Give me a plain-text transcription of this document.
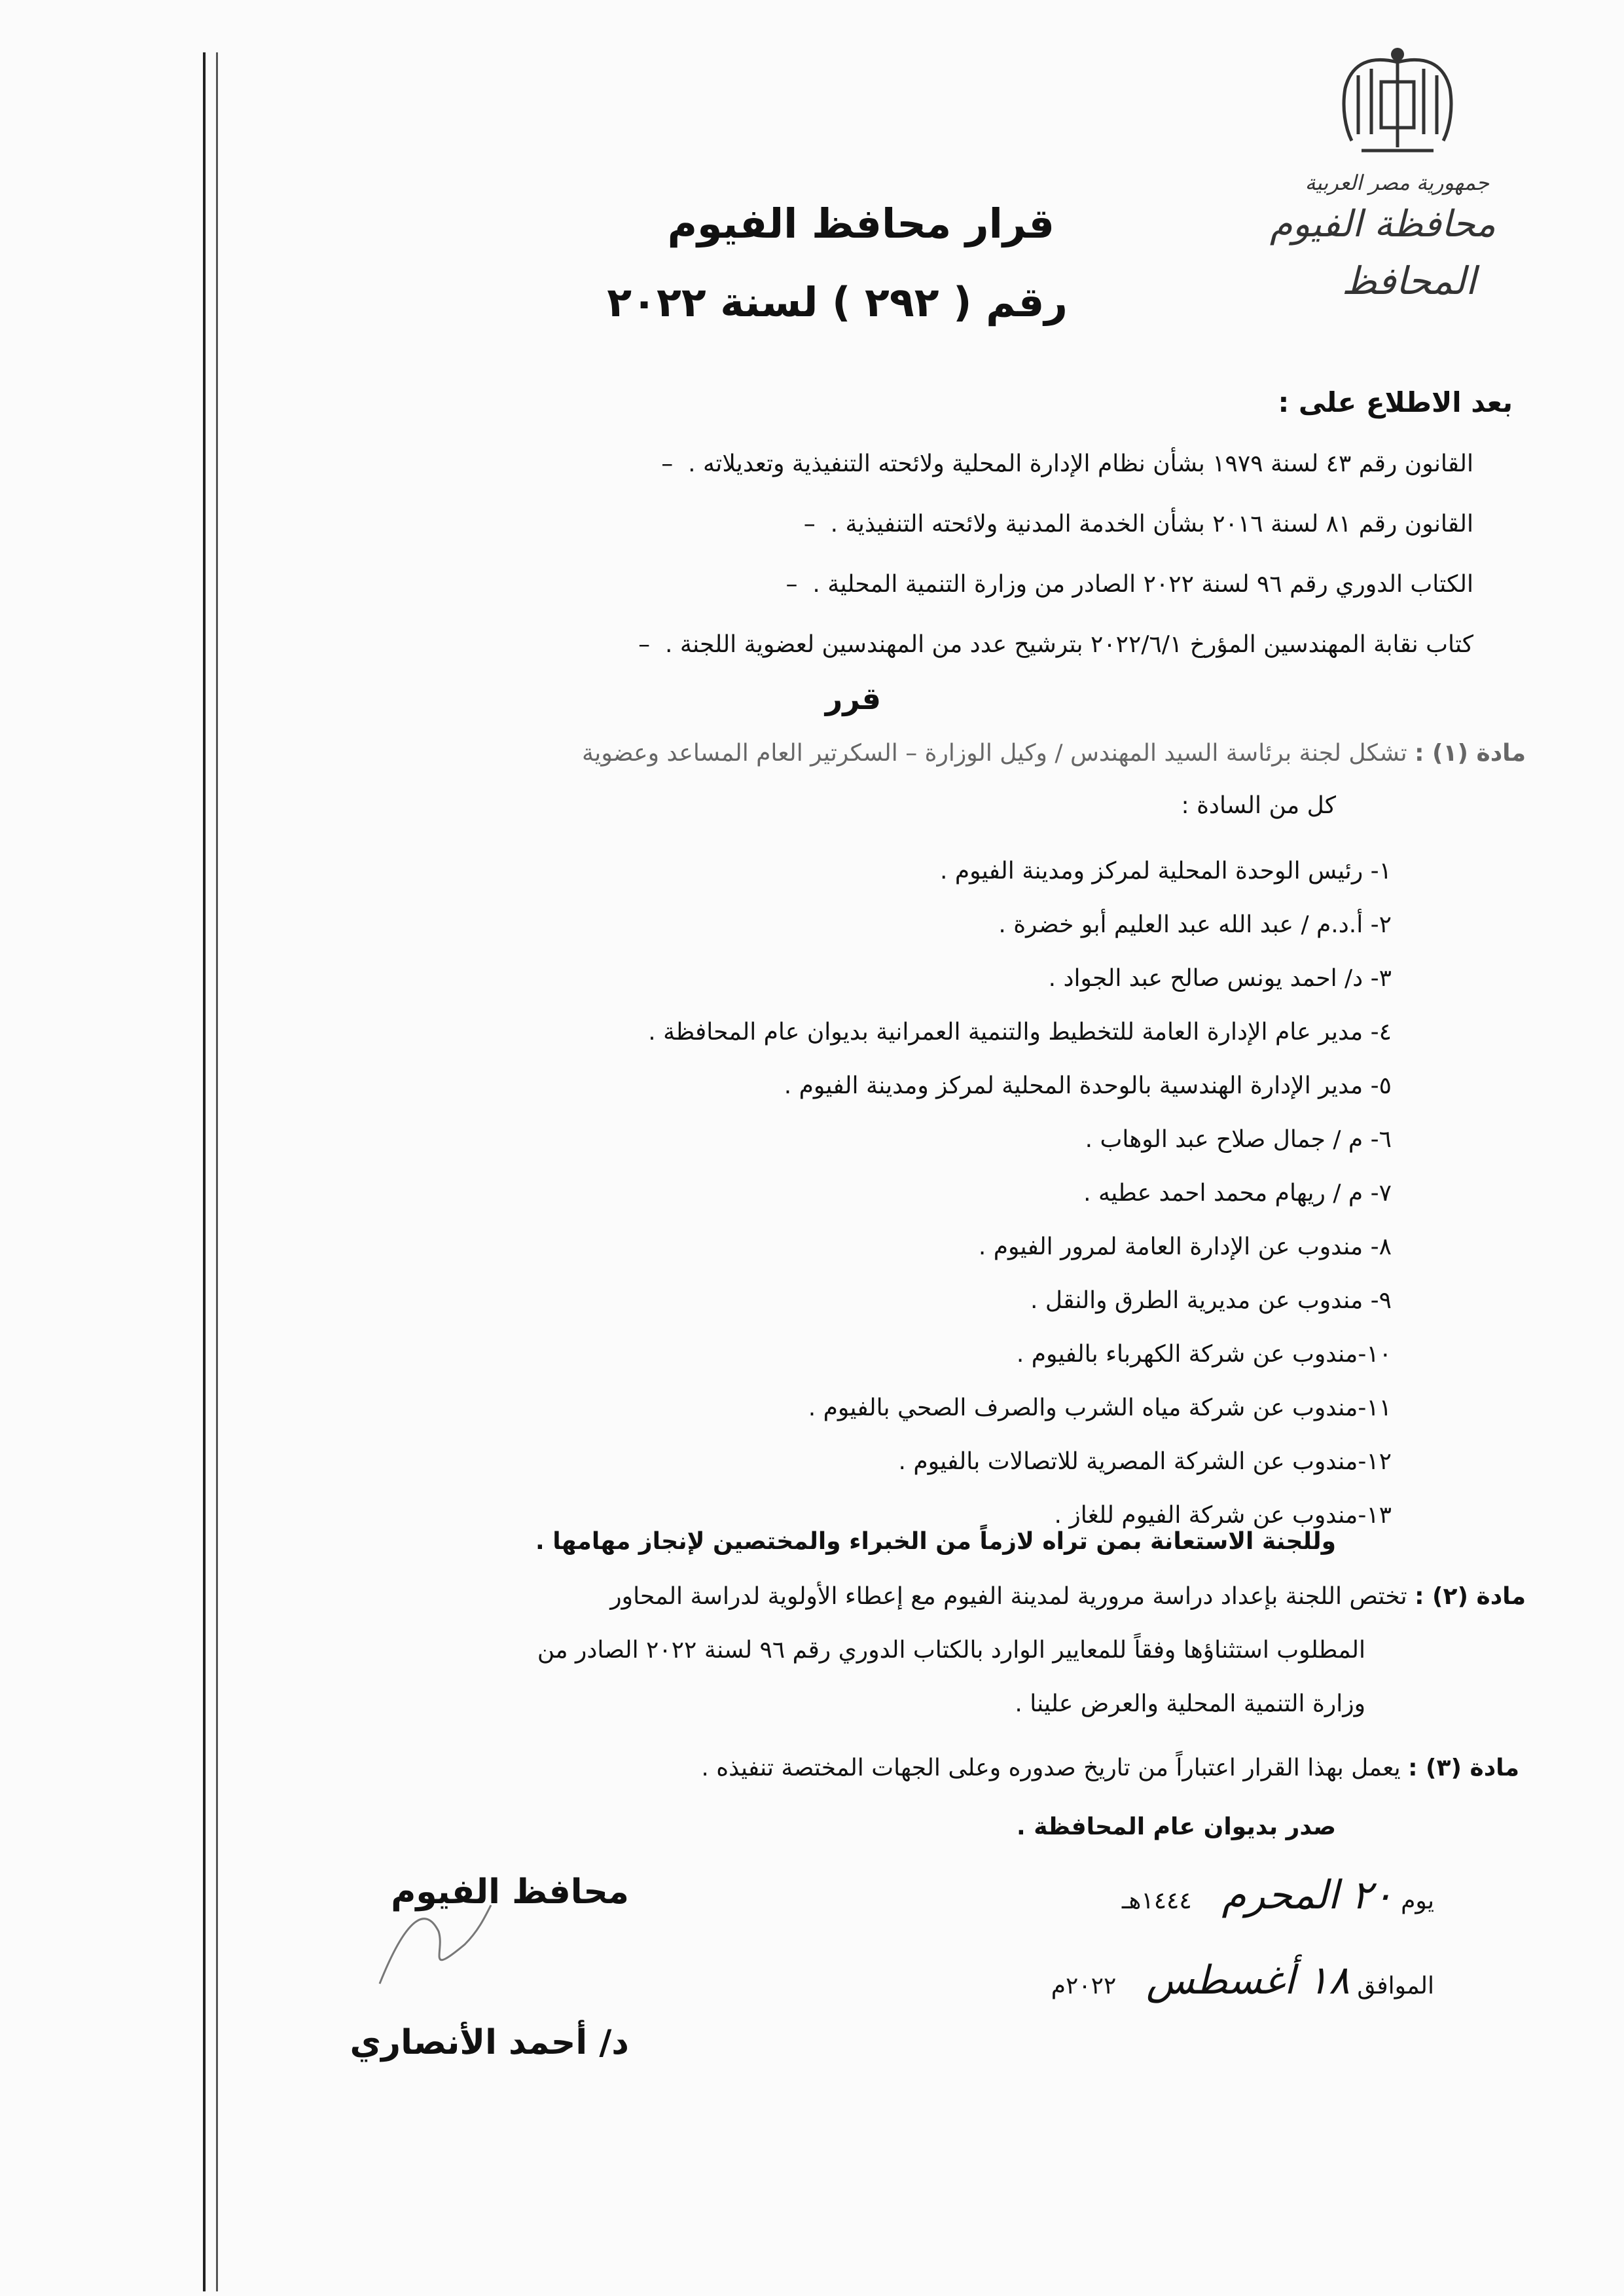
جمهورية مصر العربية
محافظة الفيوم
المحافظ
قرار محافظ الفيوم
رقم ( ٢٩٢ ) لسنة ٢٠٢٢
بعد الاطلاع على :
القانون رقم ٤٣ لسنة ١٩٧٩ بشأن نظام الإدارة المحلية ولائحته التنفيذية وتعديلاته .  –
القانون رقم ٨١ لسنة ٢٠١٦ بشأن الخدمة المدنية ولائحته التنفيذية .  –
الكتاب الدوري رقم ٩٦ لسنة ٢٠٢٢ الصادر من وزارة التنمية المحلية .  –
كتاب نقابة المهندسين المؤرخ ٢٠٢٢/٦/١ بترشيح عدد من المهندسين لعضوية اللجنة .  –
قرر
مادة (١) : تشكل لجنة برئاسة السيد المهندس / وكيل الوزارة – السكرتير العام المساعد وعضوية
كل من السادة :
١- رئيس الوحدة المحلية لمركز ومدينة الفيوم .
٢- أ.د.م / عبد الله عبد العليم أبو خضرة .
٣- د/ احمد يونس صالح عبد الجواد .
٤- مدير عام الإدارة العامة للتخطيط والتنمية العمرانية بديوان عام المحافظة .
٥- مدير الإدارة الهندسية بالوحدة المحلية لمركز ومدينة الفيوم .
٦- م / جمال صلاح عبد الوهاب .
٧- م / ريهام محمد احمد عطيه .
٨- مندوب عن الإدارة العامة لمرور الفيوم .
٩- مندوب عن مديرية الطرق والنقل .
١٠-مندوب عن شركة الكهرباء بالفيوم .
١١-مندوب عن شركة مياه الشرب والصرف الصحي بالفيوم .
١٢-مندوب عن الشركة المصرية للاتصالات بالفيوم .
١٣-مندوب عن شركة الفيوم للغاز .
وللجنة الاستعانة بمن تراه لازماً من الخبراء والمختصين لإنجاز مهامها .
مادة (٢) : تختص اللجنة بإعداد دراسة مرورية لمدينة الفيوم مع إعطاء الأولوية لدراسة المحاور
المطلوب استثناؤها وفقاً للمعايير الوارد بالكتاب الدوري رقم ٩٦ لسنة ٢٠٢٢ الصادر من
وزارة التنمية المحلية والعرض علينا .
مادة (٣) : يعمل بهذا القرار اعتباراً من تاريخ صدوره وعلى الجهات المختصة تنفيذه .
صدر بديوان عام المحافظة .
يوم ٢٠ المحرم    ١٤٤٤هـ
الموافق ١٨ أغسطس    ٢٠٢٢م
محافظ الفيوم
د/ أحمد الأنصاري
